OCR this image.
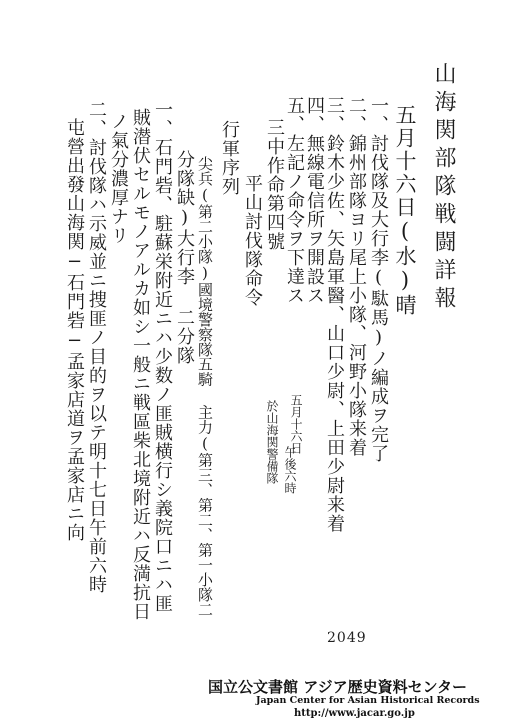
山海関部隊戦闘詳報
五月十六日(水)晴
一、討伐隊及大行李(駄馬)ノ編成ヲ完了
二、錦州部隊ヨリ尾上小隊、河野小隊来着
三、鈴木少佐、矢島軍醫、山口少尉、上田少尉来着
四、無線電信所ヲ開設ス
五、左記ノ命令ヲ下達ス
三中作命第四號
平山討伐隊命令
五月十六日
午後六時
於山海関警備隊
行軍序列
尖兵(第二小隊)國境警察隊五騎 主力(第三、第二、第一小隊二
分隊缺)大行李 二分隊
一、石門砦、駐蘇栄附近ニハ少数ノ匪賊横行シ義院口ニハ匪
賊潜伏セルモノアルカ如シ一般ニ戦區柴北境附近ハ反満抗日
ノ氣分濃厚ナリ
二、討伐隊ハ示威並ニ捜匪ノ目的ヲ以テ明十七日午前六時
屯營出發山海関−石門砦−孟家店道ヲ孟家店ニ向
2049
国立公文書館 アジア歴史資料センター
Japan Center for Asian Historical Records
http://www.jacar.go.jp
